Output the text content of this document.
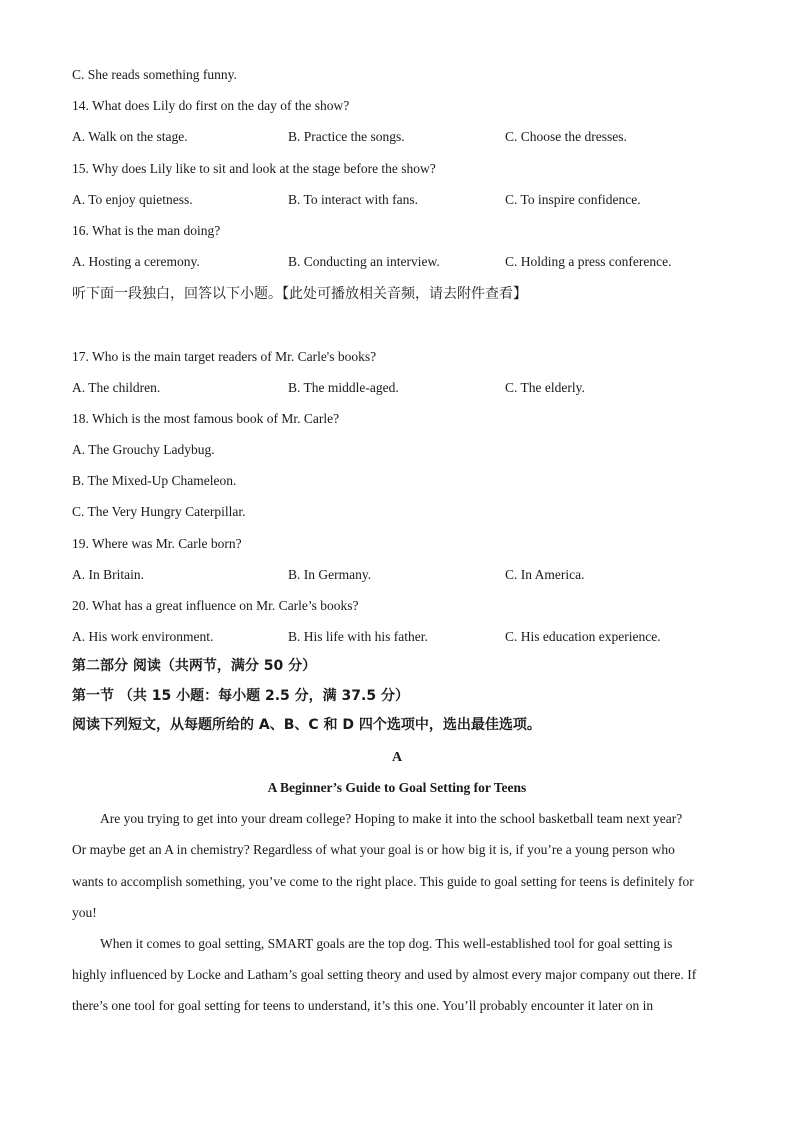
C. She reads something funny.
14. What does Lily do first on the day of the show?
A. Walk on the stage.	B. Practice the songs.	C. Choose the dresses.
15. Why does Lily like to sit and look at the stage before the show?
A. To enjoy quietness.	B. To interact with fans.	C. To inspire confidence.
16. What is the man doing?
A. Hosting a ceremony.	B. Conducting an interview.	C. Holding a press conference.
听下面一段独白，回答以下小题。【此处可播放相关音频，请去附件查看】
17. Who is the main target readers of Mr. Carle's books?
A. The children.	B. The middle-aged.	C. The elderly.
18. Which is the most famous book of Mr. Carle?
A. The Grouchy Ladybug.
B. The Mixed-Up Chameleon.
C. The Very Hungry Caterpillar.
19. Where was Mr. Carle born?
A. In Britain.	B. In Germany.	C. In America.
20. What has a great influence on Mr. Carle’s books?
A. His work environment.	B. His life with his father.	C. His education experience.
第二部分 阅读（共两节，满分 50 分）
第一节 （共 15 小题：每小题 2.5 分，满 37.5 分）
阅读下列短文，从每题所给的 A、B、C 和 D 四个选项中，选出最佳选项。
A
A Beginner’s Guide to Goal Setting for Teens
Are you trying to get into your dream college? Hoping to make it into the school basketball team next year?
Or maybe get an A in chemistry? Regardless of what your goal is or how big it is, if you’re a young person who
wants to accomplish something, you’ve come to the right place. This guide to goal setting for teens is definitely for
you!
When it comes to goal setting, SMART goals are the top dog. This well-established tool for goal setting is
highly influenced by Locke and Latham’s goal setting theory and used by almost every major company out there. If
there’s one tool for goal setting for teens to understand, it’s this one. You’ll probably encounter it later on in
